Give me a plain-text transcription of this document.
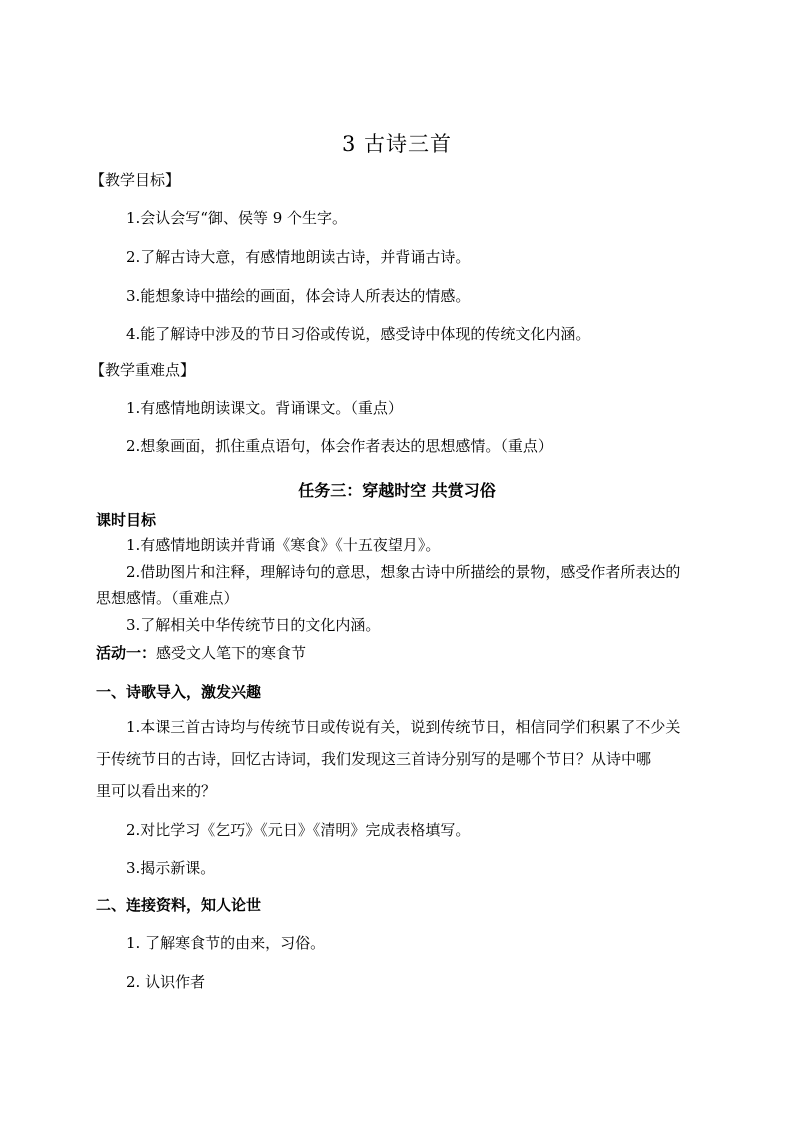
3 古诗三首
【教学目标】
1.会认会写“御、侯等 9 个生字。
2.了解古诗大意，有感情地朗读古诗，并背诵古诗。
3.能想象诗中描绘的画面，体会诗人所表达的情感。
4.能了解诗中涉及的节日习俗或传说，感受诗中体现的传统文化内涵。
【教学重难点】
1.有感情地朗读课文。背诵课文。（重点）
2.想象画面，抓住重点语句，体会作者表达的思想感情。（重点）
任务三：穿越时空 共赏习俗
课时目标
1.有感情地朗读并背诵《寒食》《十五夜望月》。
2.借助图片和注释，理解诗句的意思，想象古诗中所描绘的景物，感受作者所表达的
思想感情。（重难点）
3.了解相关中华传统节日的文化内涵。
活动一：感受文人笔下的寒食节
一、诗歌导入，激发兴趣
1.本课三首古诗均与传统节日或传说有关，说到传统节日，相信同学们积累了不少关
于传统节日的古诗，回忆古诗词，我们发现这三首诗分别写的是哪个节日？从诗中哪
里可以看出来的？
2.对比学习《乞巧》《元日》《清明》完成表格填写。
3.揭示新课。
二、连接资料，知人论世
1. 了解寒食节的由来，习俗。
2. 认识作者
